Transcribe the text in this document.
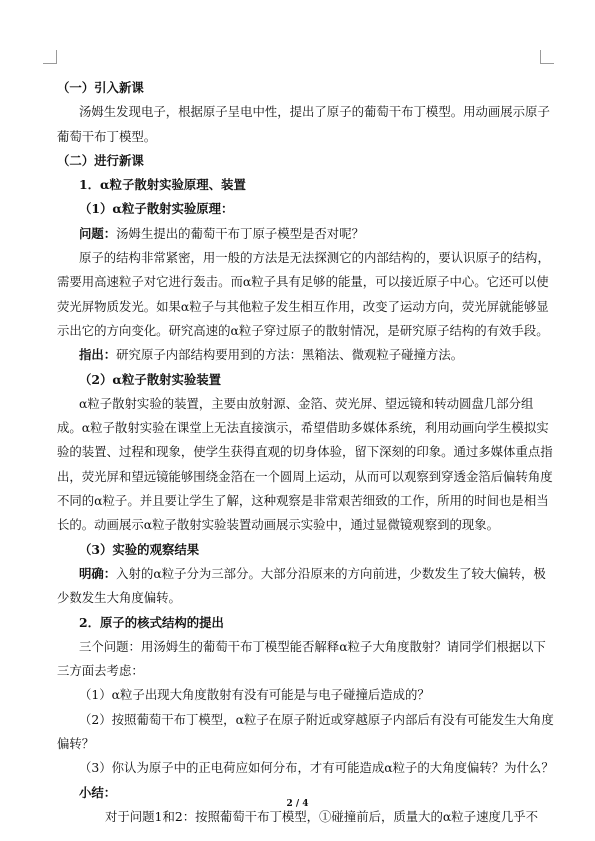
（一）引入新课
汤姆生发现电子，根据原子呈电中性，提出了原子的葡萄干布丁模型。用动画展示原子
葡萄干布丁模型。
（二）进行新课
1．α粒子散射实验原理、装置
（1）α粒子散射实验原理：
问题：汤姆生提出的葡萄干布丁原子模型是否对呢？
原子的结构非常紧密，用一般的方法是无法探测它的内部结构的，要认识原子的结构，
需要用高速粒子对它进行轰击。而α粒子具有足够的能量，可以接近原子中心。它还可以使
荧光屏物质发光。如果α粒子与其他粒子发生相互作用，改变了运动方向，荧光屏就能够显
示出它的方向变化。研究高速的α粒子穿过原子的散射情况，是研究原子结构的有效手段。
指出：研究原子内部结构要用到的方法：黑箱法、微观粒子碰撞方法。
（2）α粒子散射实验装置
α粒子散射实验的装置，主要由放射源、金箔、荧光屏、望远镜和转动圆盘几部分组
成。α粒子散射实验在课堂上无法直接演示，希望借助多媒体系统，利用动画向学生模拟实
验的装置、过程和现象，使学生获得直观的切身体验，留下深刻的印象。通过多媒体重点指
出，荧光屏和望远镜能够围绕金箔在一个圆周上运动，从而可以观察到穿透金箔后偏转角度
不同的α粒子。并且要让学生了解，这种观察是非常艰苦细致的工作，所用的时间也是相当
长的。动画展示α粒子散射实验装置动画展示实验中，通过显微镜观察到的现象。
（3）实验的观察结果
明确：入射的α粒子分为三部分。大部分沿原来的方向前进，少数发生了较大偏转，极
少数发生大角度偏转。
2．原子的核式结构的提出
三个问题：用汤姆生的葡萄干布丁模型能否解释α粒子大角度散射？请同学们根据以下
三方面去考虑：
（1）α粒子出现大角度散射有没有可能是与电子碰撞后造成的？
（2）按照葡萄干布丁模型，α粒子在原子附近或穿越原子内部后有没有可能发生大角度
偏转？
（3）你认为原子中的正电荷应如何分布，才有可能造成α粒子的大角度偏转？为什么？
小结：
对于问题1和2：按照葡萄干布丁模型，①碰撞前后，质量大的α粒子速度几乎不
2 / 4
